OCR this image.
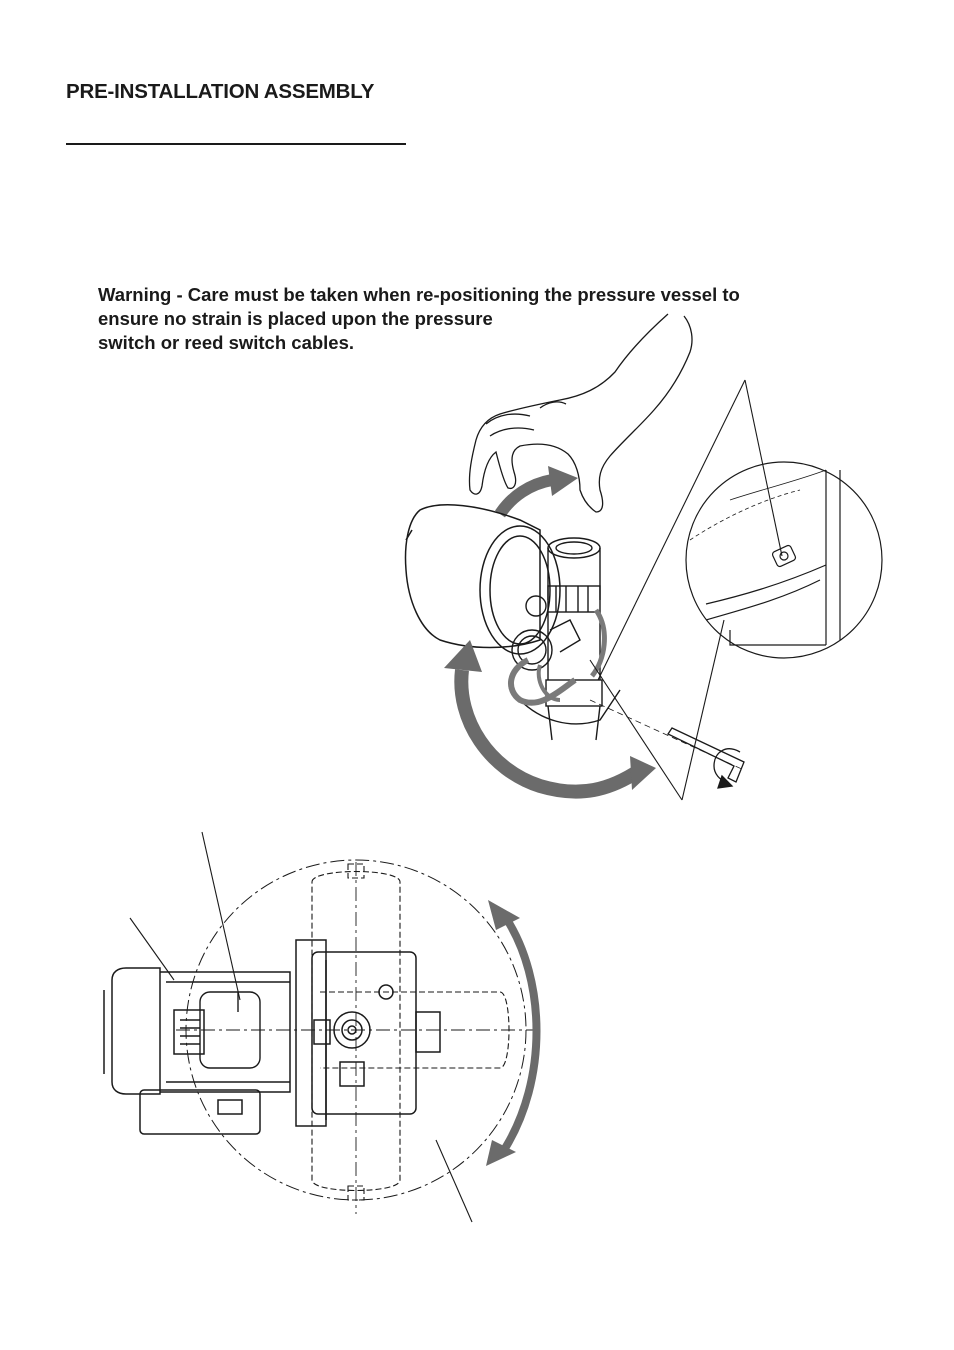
PRE-INSTALLATION ASSEMBLY

Warning - Care must be taken when re-positioning the pressure vessel to
ensure no strain is placed upon the pressure
switch or reed switch cables.
